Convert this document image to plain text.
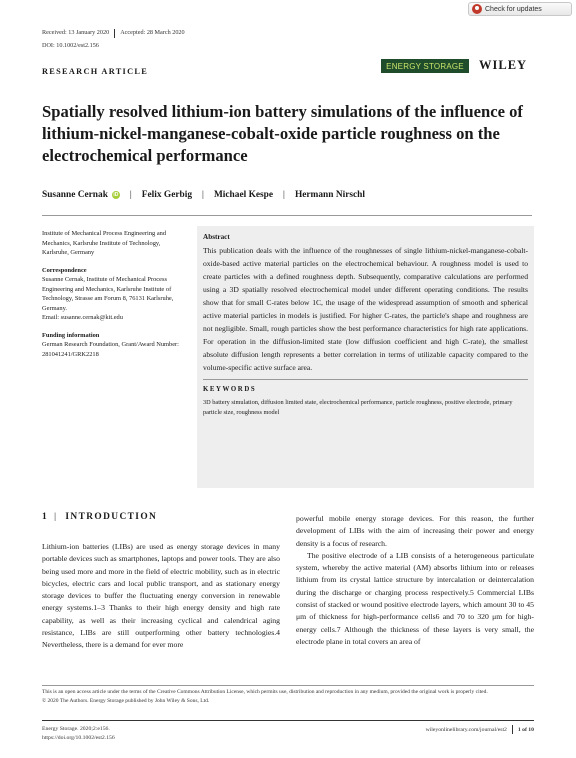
Check for updates
Received: 13 January 2020 Accepted: 28 March 2020
DOI: 10.1002/est2.156
RESEARCH ARTICLE
ENERGY STORAGE	WILEY
Spatially resolved lithium-ion battery simulations of the influence of lithium-nickel-manganese-cobalt-oxide particle roughness on the electrochemical performance
Susanne Cernak	iD | Felix Gerbig | Michael Kespe | Hermann Nirschl
Institute of Mechanical Process Engineering and Mechanics, Karlsruhe Institute of Technology, Karlsruhe, Germany
Correspondence
Susanne Cernak, Institute of Mechanical Process Engineering and Mechanics, Karlsruhe Institute of Technology, Strasse am Forum 8, 76131 Karlsruhe, Germany.
Email: susanne.cernak@kit.edu
Funding information
German Research Foundation, Grant/Award Number: 281041241/GRK2218
Abstract

This publication deals with the influence of the roughnesses of single lithium-nickel-manganese-cobalt-oxide-based active material particles on the electrochemical behaviour. A roughness model is used to create particles with a defined roughness depth. Subsequently, comparative calculations are performed using a 3D spatially resolved electrochemical model under different operating conditions. The results show that for small C-rates below 1C, the usage of the widespread assumption of smooth and spherical active material particles in models is justified. For higher C-rates, the particle's shape and roughness are not negligible. Small, rough particles show the best performance characteristics for high rate applications. For operation in the diffusion-limited state (low diffusion coefficient and high C-rate), the smallest absolute diffusion length represents a better correlation in terms of utilizable capacity compared to the volume-specific active surface area.

KEYWORDS
3D battery simulation, diffusion limited state, electrochemical performance, particle roughness, positive electrode, primary particle size, roughness model
1 | INTRODUCTION

Lithium-ion batteries (LIBs) are used as energy storage devices in many portable devices such as smartphones, laptops and power tools. They are also being used more and more in the field of electric mobility, such as in electric bicycles, electric cars and local public transport, and as stationary energy storage devices to buffer the fluctuating energy conversion in renewable energy systems.1–3 Thanks to their high energy density and high rate capability, as well as their increasing cyclical and calendrical aging resistance, LIBs are still outperforming other battery technologies.4 Nevertheless, there is a demand for ever more

powerful mobile energy storage devices. For this reason, the further development of LIBs with the aim of increasing their power and energy density is a focus of research.

The positive electrode of a LIB consists of a heterogeneous particulate system, whereby the active material (AM) absorbs lithium into or releases lithium from its crystal lattice structure by intercalation or deintercalation during the discharge or charging process respectively.5 Commercial LIBs consist of stacked or wound positive electrode layers, which amount 30 to 45 μm of thickness for high-performance cells6 and 70 to 320 μm for high-energy cells.7 Although the thickness of these layers is very small, the electrode plane in total covers an area of

This is an open access article under the terms of the Creative Commons Attribution License, which permits use, distribution and reproduction in any medium, provided the original work is properly cited.
© 2020 The Authors. Energy Storage published by John Wiley & Sons, Ltd.
Energy Storage. 2020;2:e156.
https://doi.org/10.1002/est2.156
wileyonlinelibrary.com/journal/est2 1 of 10
